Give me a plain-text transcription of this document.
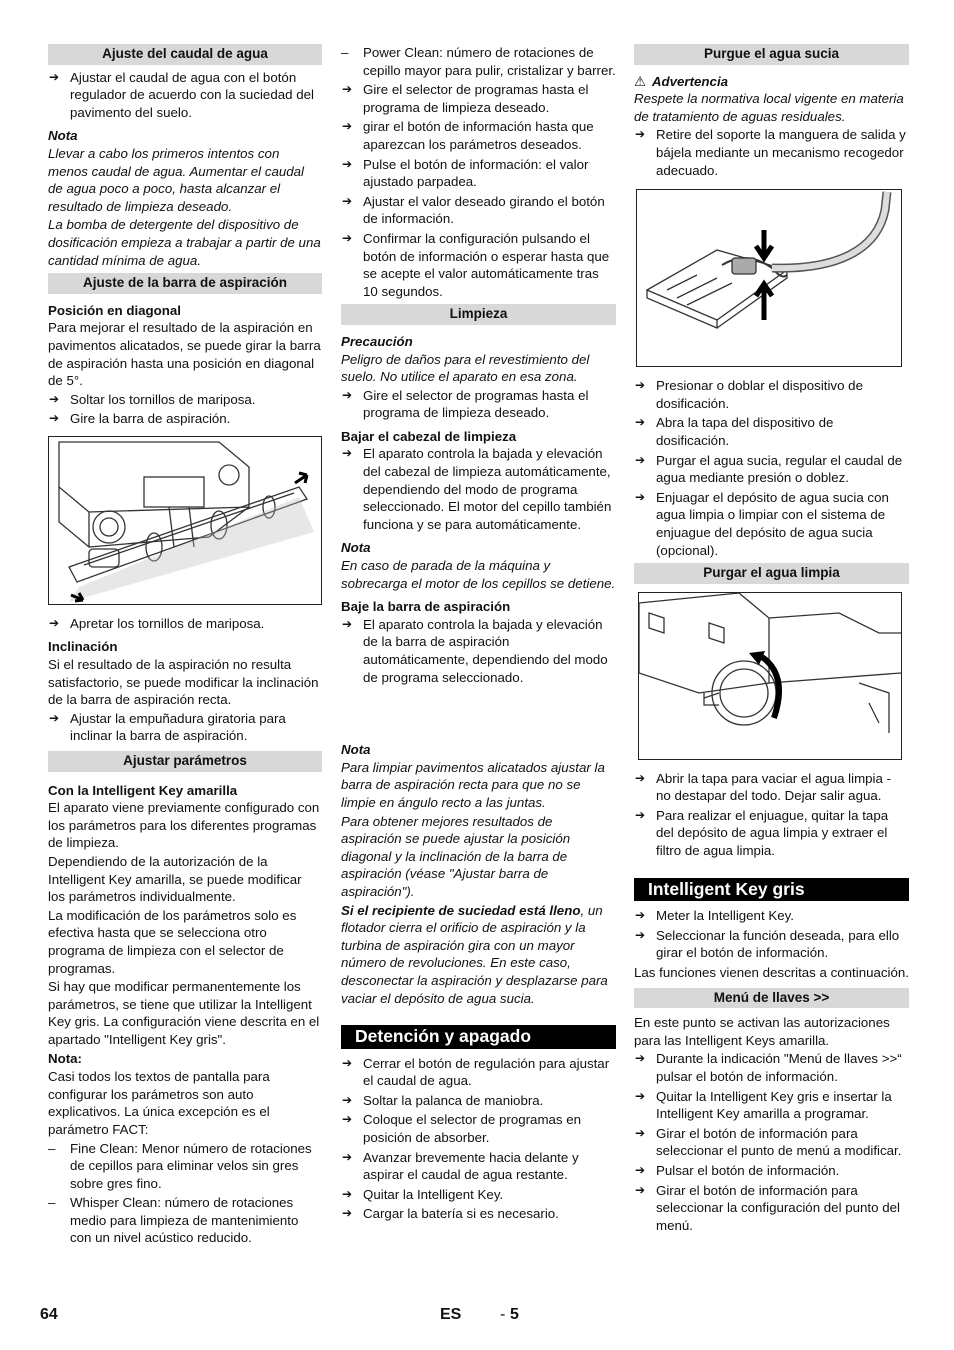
Ajuste del caudal de agua
➔ Ajustar el caudal de agua con el botón regulador de acuerdo con la suciedad del pavimento del suelo.
Nota

Llevar a cabo los primeros intentos con menos caudal de agua. Aumentar el caudal de agua poco a poco, hasta alcanzar el resultado de limpieza deseado.

La bomba de detergente del dispositivo de dosificación empieza a trabajar a partir de una cantidad mínima de agua.

Ajuste de la barra de aspiración
Posición en diagonal

Para mejorar el resultado de la aspiración en pavimentos alicatados, se puede girar la barra de aspiración hasta una posición en diagonal de 5°.

➔ Soltar los tornillos de mariposa.
➔ Gire la barra de aspiración.
➔ Apretar los tornillos de mariposa.
Inclinación

Si el resultado de la aspiración no resulta satisfactorio, se puede modificar la inclinación de la barra de aspiración recta.

➔ Ajustar la empuñadura giratoria para inclinar la barra de aspiración.
Ajustar parámetros
Con la Intelligent Key amarilla

El aparato viene previamente configurado con los parámetros para los diferentes programas de limpieza.

Dependiendo de la autorización de la Intelligent Key amarilla, se puede modificar los parámetros individualmente.

La modificación de los parámetros solo es efectiva hasta que se selecciona otro programa de limpieza con el selector de programas.

Si hay que modificar permanentemente los parámetros, se tiene que utilizar la Intelligent Key gris. La configuración viene descrita en el apartado "Intelligent Key gris".

Nota:

Casi todos los textos de pantalla para configurar los parámetros son auto explicativos. La única excepción es el parámetro FACT:

– Fine Clean: Menor número de rotaciones de cepillos para eliminar velos sin gres sobre gres fino.
– Whisper Clean: número de rotaciones medio para limpieza de mantenimiento con un nivel acústico reducido.
– Power Clean: número de rotaciones de cepillo mayor para pulir, cristalizar y barrer.
➔ Gire el selector de programas hasta el programa de limpieza deseado.
➔ girar el botón de información hasta que aparezcan los parámetros deseados.
➔ Pulse el botón de información: el valor ajustado parpadea.
➔ Ajustar el valor deseado girando el botón de información.
➔ Confirmar la configuración pulsando el botón de información o esperar hasta que se acepte el valor automáticamente tras 10 segundos.
Limpieza
Precaución

Peligro de daños para el revestimiento del suelo. No utilice el aparato en esa zona.

➔ Gire el selector de programas hasta el programa de limpieza deseado.
Bajar el cabezal de limpieza
➔ El aparato controla la bajada y elevación del cabezal de limpieza automáticamente, dependiendo del modo de programa seleccionado. El motor del cepillo también funciona y se para automáticamente.
Nota

En caso de parada de la máquina y sobrecarga el motor de los cepillos se detiene.

Baje la barra de aspiración
➔ El aparato controla la bajada y elevación de la barra de aspiración automáticamente, dependiendo del modo de programa seleccionado.
Nota

Para limpiar pavimentos alicatados ajustar la barra de aspiración recta para que no se limpie en ángulo recto a las juntas.

Para obtener mejores resultados de aspiración se puede ajustar la posición diagonal y la inclinación de la barra de aspiración (véase "Ajustar barra de aspiración").

Si el recipiente de suciedad está lleno, un flotador cierra el orificio de aspiración y la turbina de aspiración gira con un mayor número de revoluciones. En este caso, desconectar la aspiración y desplazarse para vaciar el depósito de agua sucia.

Detención y apagado
➔ Cerrar el botón de regulación para ajustar el caudal de agua.
➔ Soltar la palanca de maniobra.
➔ Coloque el selector de programas en posición de absorber.
➔ Avanzar brevemente hacia delante y aspirar el caudal de agua restante.
➔ Quitar la Intelligent Key.
➔ Cargar la batería si es necesario.
Purgue el agua sucia
⚠ Advertencia

Respete la normativa local vigente en materia de tratamiento de aguas residuales.

➔ Retire del soporte la manguera de salida y bájela mediante un mecanismo recogedor adecuado.
➔ Presionar o doblar el dispositivo de dosificación.
➔ Abra la tapa del dispositivo de dosificación.
➔ Purgar el agua sucia, regular el caudal de agua mediante presión o doblez.
➔ Enjuagar el depósito de agua sucia con agua limpia o limpiar con el sistema de enjuague del depósito de agua sucia (opcional).
Purgar el agua limpia
➔ Abrir la tapa para vaciar el agua limpia - no destapar del todo. Dejar salir agua.
➔ Para realizar el enjuague, quitar la tapa del depósito de agua limpia y extraer el filtro de agua limpia.
Intelligent Key gris
➔ Meter la Intelligent Key.
➔ Seleccionar la función deseada, para ello girar el botón de información.

Las funciones vienen descritas a continuación.

Menú de llaves >>

En este punto se activan las autorizaciones para las Intelligent Keys amarilla.

➔ Durante la indicación "Menú de llaves >>“ pulsar el botón de información.
➔ Quitar la Intelligent Key gris e insertar la Intelligent Key amarilla a programar.
➔ Girar el botón de información para seleccionar el punto de menú a modificar.
➔ Pulsar el botón de información.
➔ Girar el botón de información para seleccionar la configuración del punto del menú.
64	ES - 5
